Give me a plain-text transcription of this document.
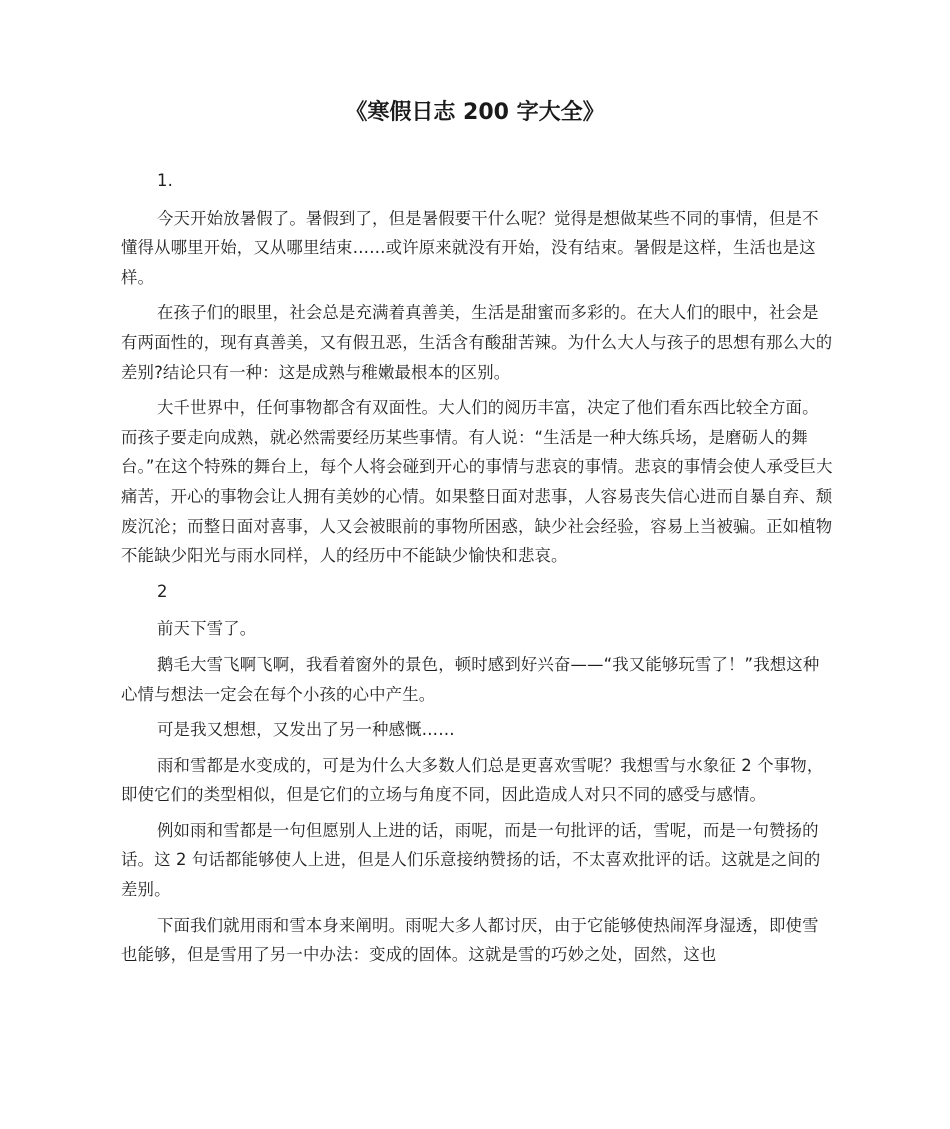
《寒假日志 200 字大全》

1.

今天开始放暑假了。暑假到了，但是暑假要干什么呢？觉得是想做某些不同的事情，但是不懂得从哪里开始，又从哪里结束……或许原来就没有开始，没有结束。暑假是这样，生活也是这样。

在孩子们的眼里，社会总是充满着真善美，生活是甜蜜而多彩的。在大人们的眼中，社会是有两面性的，现有真善美，又有假丑恶，生活含有酸甜苦辣。为什么大人与孩子的思想有那么大的差别?结论只有一种：这是成熟与稚嫩最根本的区别。

大千世界中，任何事物都含有双面性。大人们的阅历丰富，决定了他们看东西比较全方面。而孩子要走向成熟，就必然需要经历某些事情。有人说：“生活是一种大练兵场，是磨砺人的舞台。”在这个特殊的舞台上，每个人将会碰到开心的事情与悲哀的事情。悲哀的事情会使人承受巨大痛苦，开心的事物会让人拥有美妙的心情。如果整日面对悲事，人容易丧失信心进而自暴自弃、颓废沉沦；而整日面对喜事，人又会被眼前的事物所困惑，缺少社会经验，容易上当被骗。正如植物不能缺少阳光与雨水同样，人的经历中不能缺少愉快和悲哀。

2

前天下雪了。

鹅毛大雪飞啊飞啊，我看着窗外的景色，顿时感到好兴奋——“我又能够玩雪了！”我想这种心情与想法一定会在每个小孩的心中产生。

可是我又想想，又发出了另一种感慨……

雨和雪都是水变成的，可是为什么大多数人们总是更喜欢雪呢？我想雪与水象征 2 个事物，即使它们的类型相似，但是它们的立场与角度不同，因此造成人对只不同的感受与感情。

例如雨和雪都是一句但愿别人上进的话，雨呢，而是一句批评的话，雪呢，而是一句赞扬的话。这 2 句话都能够使人上进，但是人们乐意接纳赞扬的话，不太喜欢批评的话。这就是之间的差别。

下面我们就用雨和雪本身来阐明。雨呢大多人都讨厌，由于它能够使热闹浑身湿透，即使雪也能够，但是雪用了另一中办法：变成的固体。这就是雪的巧妙之处，固然，这也
